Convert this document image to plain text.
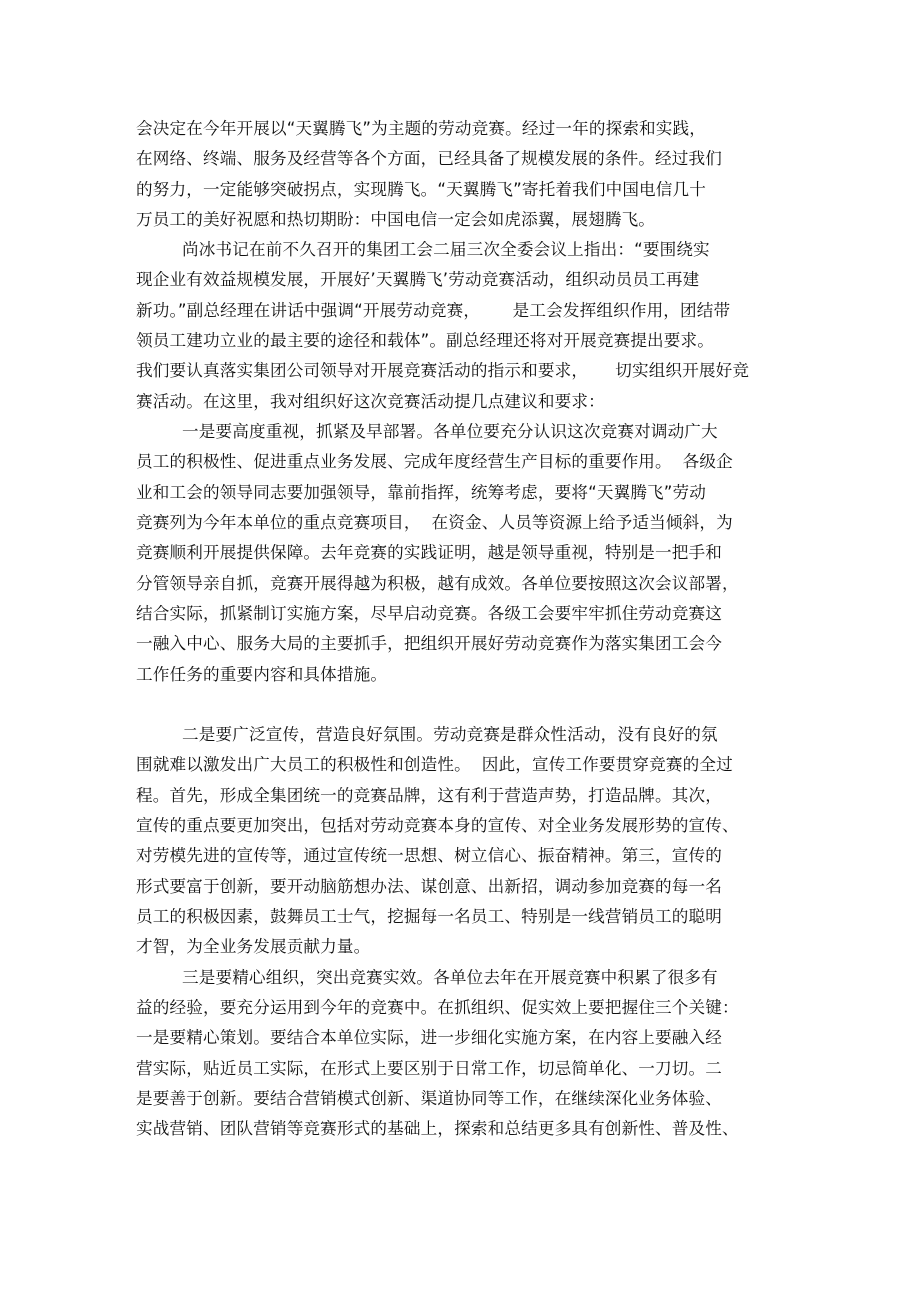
会决定在今年开展以“天翼腾飞”为主题的劳动竞赛。经过一年的探索和实践，
在网络、终端、服务及经营等各个方面，已经具备了规模发展的条件。经过我们
的努力，一定能够突破拐点，实现腾飞。“天翼腾飞”寄托着我们中国电信几十
万员工的美好祝愿和热切期盼：中国电信一定会如虎添翼，展翅腾飞。
尚冰书记在前不久召开的集团工会二届三次全委会议上指出：“要围绕实
现企业有效益规模发展，开展好’天翼腾飞’劳动竞赛活动，组织动员员工再建
新功。”副总经理在讲话中强调“开展劳动竞赛，      是工会发挥组织作用，团结带
领员工建功立业的最主要的途径和载体”。副总经理还将对开展竞赛提出要求。
我们要认真落实集团公司领导对开展竞赛活动的指示和要求，     切实组织开展好竞
赛活动。在这里，我对组织好这次竞赛活动提几点建议和要求：
一是要高度重视，抓紧及早部署。各单位要充分认识这次竞赛对调动广大
员工的积极性、促进重点业务发展、完成年度经营生产目标的重要作用。  各级企
业和工会的领导同志要加强领导，靠前指挥，统筹考虑，要将“天翼腾飞”劳动
竞赛列为今年本单位的重点竞赛项目，  在资金、人员等资源上给予适当倾斜，为
竞赛顺利开展提供保障。去年竞赛的实践证明，越是领导重视，特别是一把手和
分管领导亲自抓，竞赛开展得越为积极，越有成效。各单位要按照这次会议部署，
结合实际，抓紧制订实施方案，尽早启动竞赛。各级工会要牢牢抓住劳动竞赛这
一融入中心、服务大局的主要抓手，把组织开展好劳动竞赛作为落实集团工会今
工作任务的重要内容和具体措施。
二是要广泛宣传，营造良好氛围。劳动竞赛是群众性活动，没有良好的氛
围就难以激发出广大员工的积极性和创造性。  因此，宣传工作要贯穿竞赛的全过
程。首先，形成全集团统一的竞赛品牌，这有利于营造声势，打造品牌。其次，
宣传的重点要更加突出，包括对劳动竞赛本身的宣传、对全业务发展形势的宣传、
对劳模先进的宣传等，通过宣传统一思想、树立信心、振奋精神。第三，宣传的
形式要富于创新，要开动脑筋想办法、谋创意、出新招，调动参加竞赛的每一名
员工的积极因素，鼓舞员工士气，挖掘每一名员工、特别是一线营销员工的聪明
才智，为全业务发展贡献力量。
三是要精心组织，突出竞赛实效。各单位去年在开展竞赛中积累了很多有
益的经验，要充分运用到今年的竞赛中。在抓组织、促实效上要把握住三个关键：
一是要精心策划。要结合本单位实际，进一步细化实施方案，在内容上要融入经
营实际，贴近员工实际，在形式上要区别于日常工作，切忌简单化、一刀切。二
是要善于创新。要结合营销模式创新、渠道协同等工作，在继续深化业务体验、
实战营销、团队营销等竞赛形式的基础上，探索和总结更多具有创新性、普及性、
